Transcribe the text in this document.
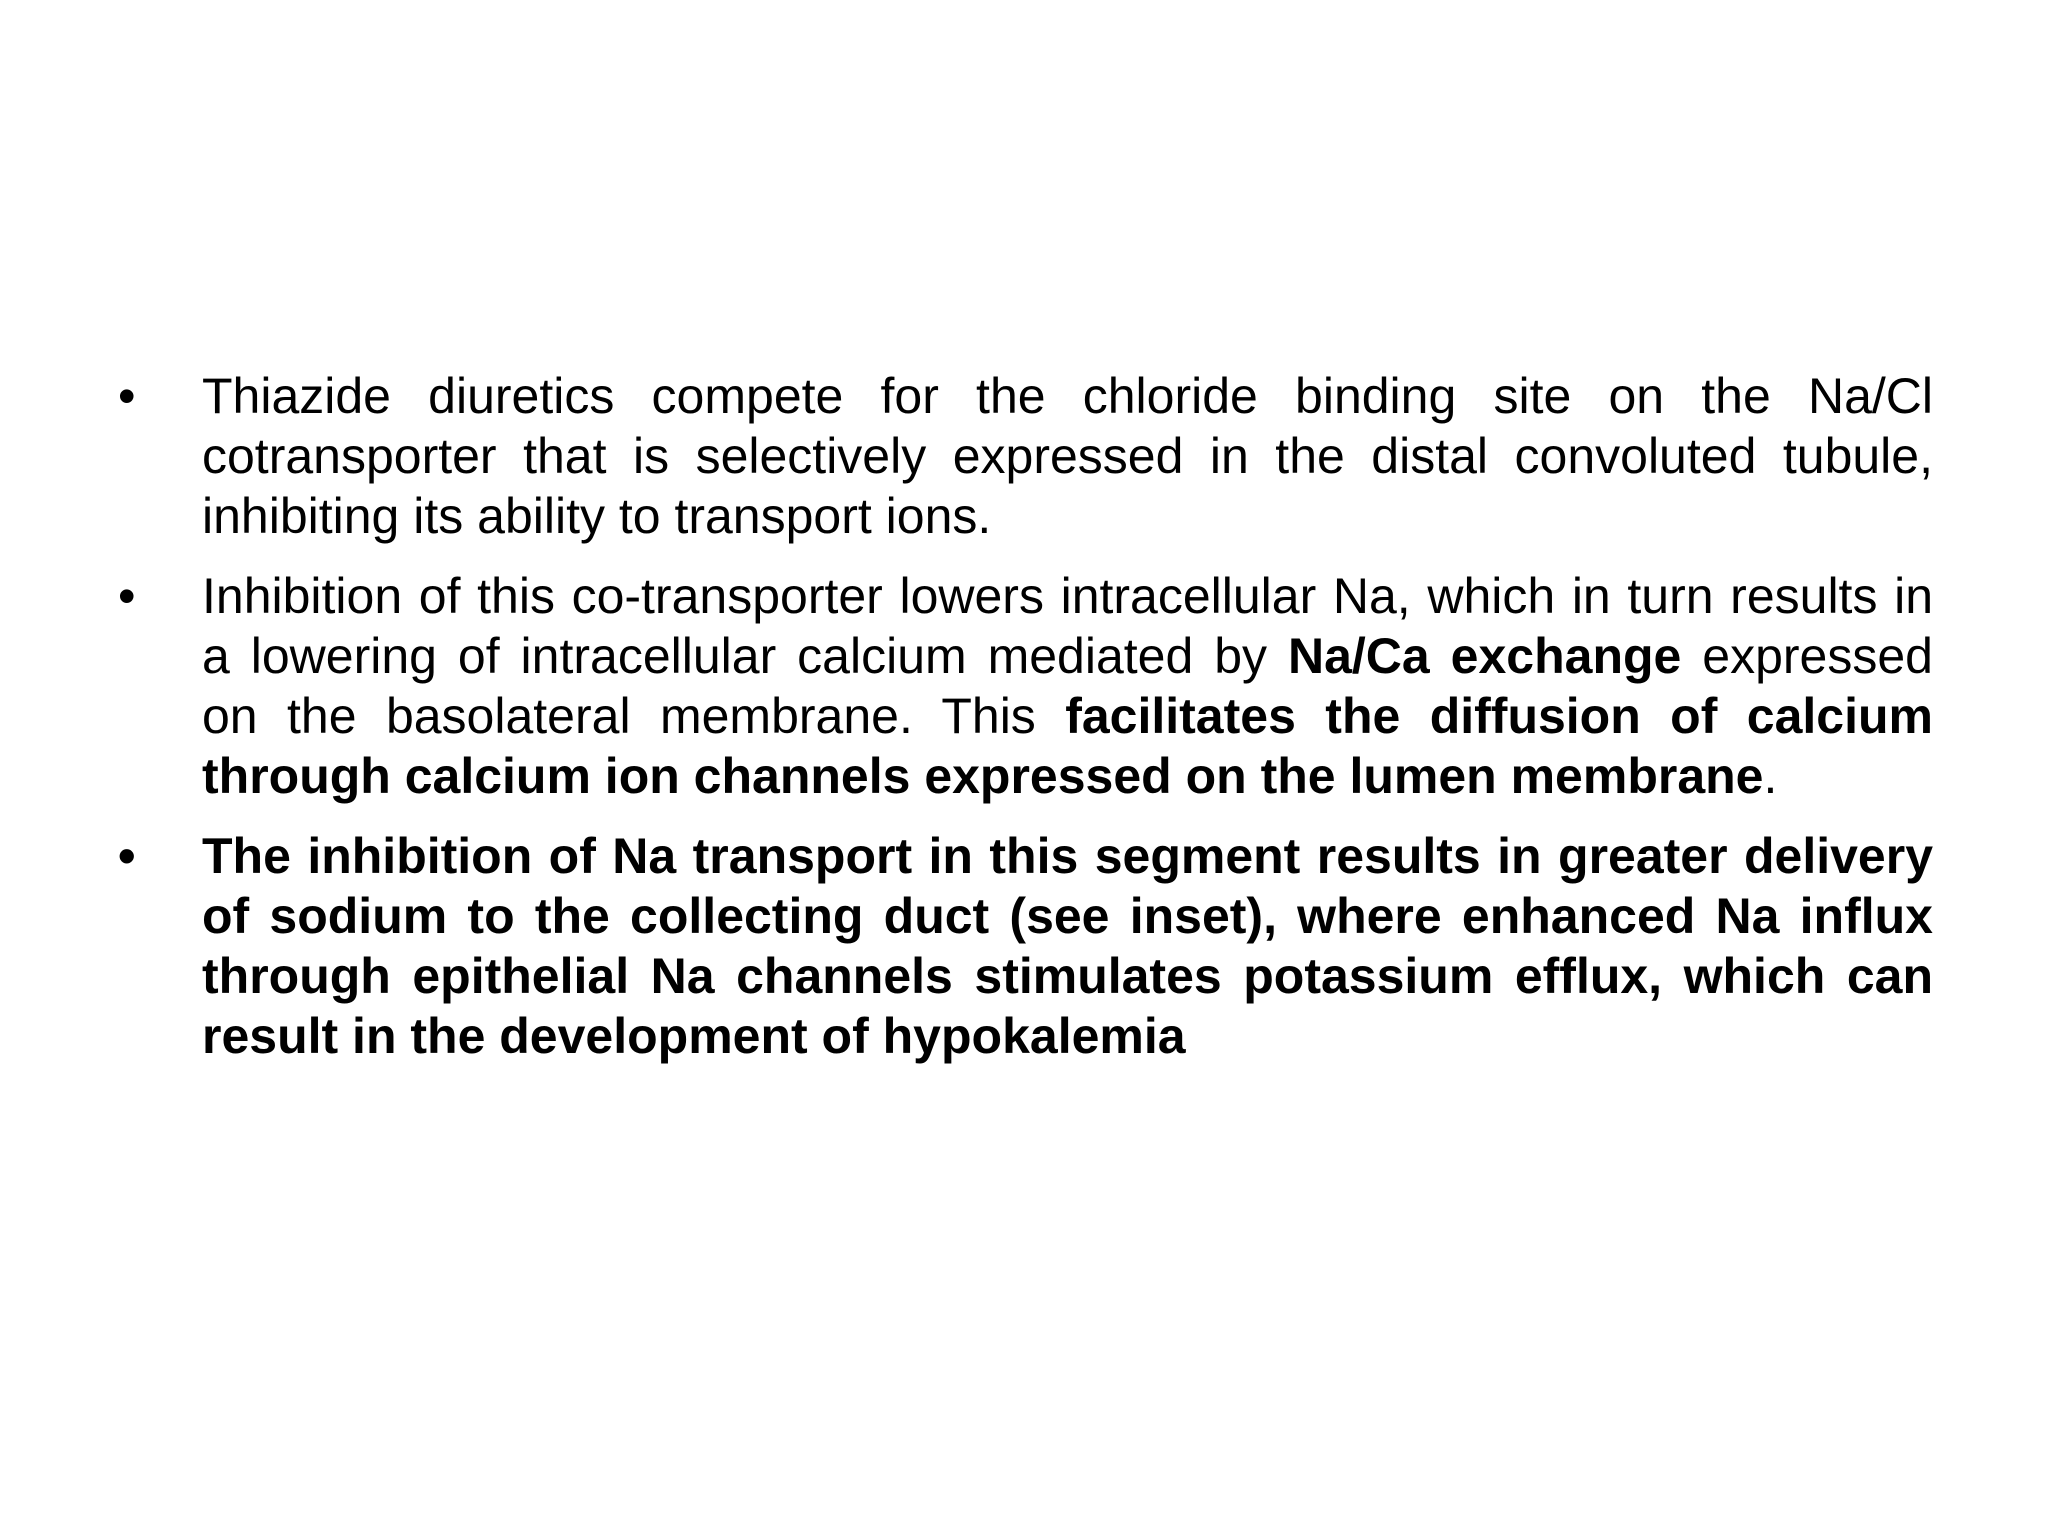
•	Thiazide diuretics compete for the chloride binding site on the Na/Cl cotransporter that is selectively expressed in the distal convoluted tubule, inhibiting its ability to transport ions.
•	Inhibition of this co-transporter lowers intracellular Na, which in turn results in a lowering of intracellular calcium mediated by Na/Ca exchange expressed on the basolateral membrane. This facilitates the diffusion of calcium through calcium ion channels expressed on the lumen membrane.
•	The inhibition of Na transport in this segment results in greater delivery of sodium to the collecting duct (see inset), where enhanced Na influx through epithelial Na channels stimulates potassium efflux, which can result in the development of hypokalemia
